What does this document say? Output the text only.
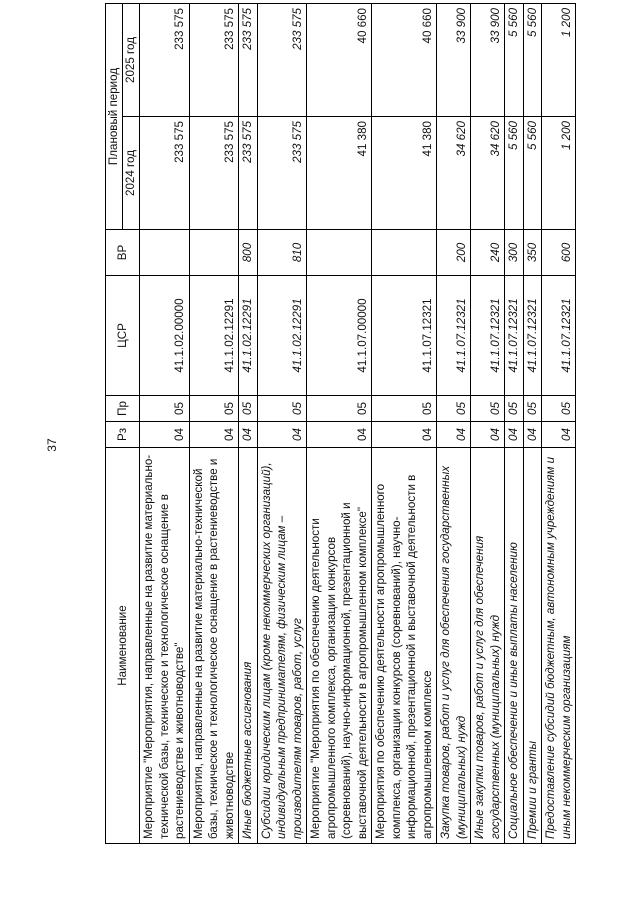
37
Наименование	Рз	Пр	ЦСР	ВР	Плановый период	
					2024 год	2025 год
Мероприятие "Мероприятия, направленные на развитие материально-технической базы, техническое и технологическое оснащение в растениеводстве и животноводстве"	04	05	41.1.02.00000		233 575	233 575
Мероприятия, направленные на развитие материально-технической базы, техническое и технологическое оснащение в растениеводстве и животноводстве	04	05	41.1.02.12291		233 575	233 575
Иные бюджетные ассигнования	04	05	41.1.02.12291	800	233 575	233 575
Субсидии юридическим лицам (кроме некоммерческих организаций), индивидуальным предпринимателям, физическим лицам – производителям товаров, работ, услуг	04	05	41.1.02.12291	810	233 575	233 575
Мероприятие "Мероприятия по обеспечению деятельности агропромышленного комплекса, организации конкурсов (соревнований), научно-информационной, презентационной и выставочной деятельности в агропромышленном комплексе"	04	05	41.1.07.00000		41 380	40 660
Мероприятия по обеспечению деятельности агропромышленного комплекса, организации конкурсов (соревнований), научно-информационной, презентационной и выставочной деятельности в агропромышленном комплексе	04	05	41.1.07.12321		41 380	40 660
Закупка товаров, работ и услуг для обеспечения государственных (муниципальных) нужд	04	05	41.1.07.12321	200	34 620	33 900
Иные закупки товаров, работ и услуг для обеспечения государственных (муниципальных) нужд	04	05	41.1.07.12321	240	34 620	33 900
Социальное обеспечение и иные выплаты населению	04	05	41.1.07.12321	300	5 560	5 560
Премии и гранты	04	05	41.1.07.12321	350	5 560	5 560
Предоставление субсидий бюджетным, автономным учреждениям и иным некоммерческим организациям	04	05	41.1.07.12321	600	1 200	1 200
